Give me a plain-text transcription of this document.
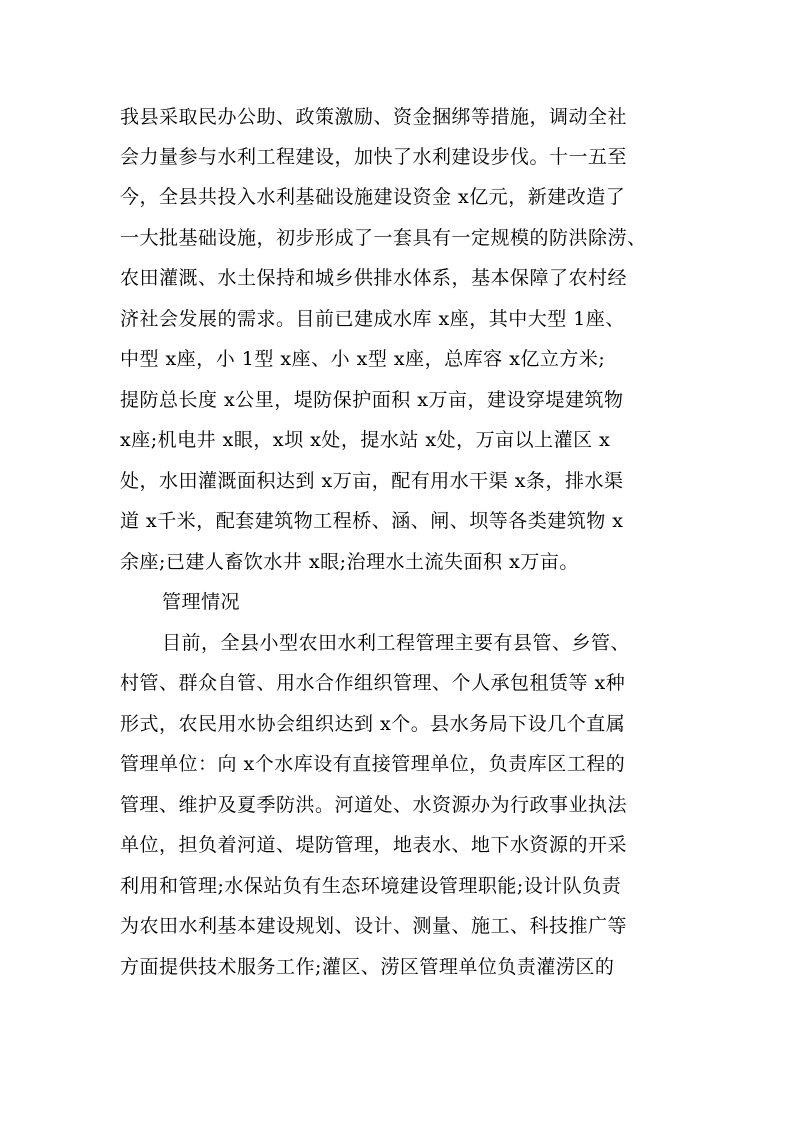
我县采取民办公助、政策激励、资金捆绑等措施，调动全社
会力量参与水利工程建设，加快了水利建设步伐。十一五至
今，全县共投入水利基础设施建设资金 x亿元，新建改造了
一大批基础设施，初步形成了一套具有一定规模的防洪除涝、
农田灌溉、水土保持和城乡供排水体系，基本保障了农村经
济社会发展的需求。目前已建成水库 x座，其中大型 1座、
中型 x座，小 1型 x座、小 x型 x座，总库容 x亿立方米;
提防总长度 x公里，堤防保护面积 x万亩，建设穿堤建筑物
x座;机电井 x眼，x坝 x处，提水站 x处，万亩以上灌区 x
处，水田灌溉面积达到 x万亩，配有用水干渠 x条，排水渠
道 x千米，配套建筑物工程桥、涵、闸、坝等各类建筑物 x
余座;已建人畜饮水井 x眼;治理水土流失面积 x万亩。
管理情况
目前，全县小型农田水利工程管理主要有县管、乡管、
村管、群众自管、用水合作组织管理、个人承包租赁等 x种
形式，农民用水协会组织达到 x个。县水务局下设几个直属
管理单位：向 x个水库设有直接管理单位，负责库区工程的
管理、维护及夏季防洪。河道处、水资源办为行政事业执法
单位，担负着河道、堤防管理，地表水、地下水资源的开采
利用和管理;水保站负有生态环境建设管理职能;设计队负责
为农田水利基本建设规划、设计、测量、施工、科技推广等
方面提供技术服务工作;灌区、涝区管理单位负责灌涝区的
